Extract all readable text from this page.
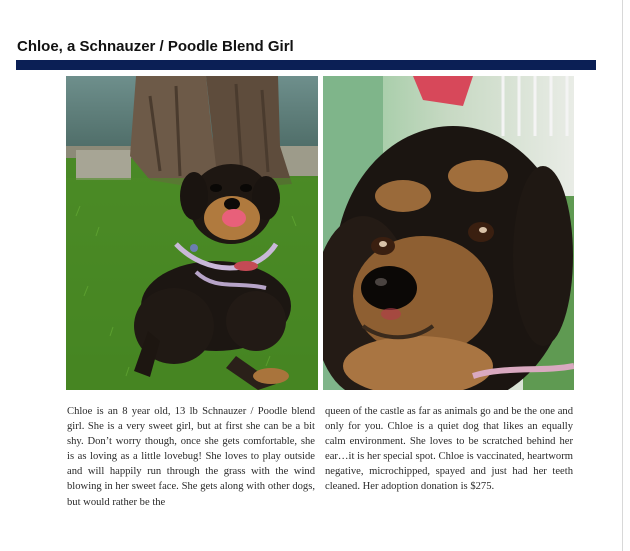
Chloe, a Schnauzer / Poodle Blend Girl

Chloe is an 8 year old, 13 lb Schnauzer / Poodle blend girl. She is a very sweet girl, but at first she can be a bit shy. Don’t worry though, once she gets comfortable, she is as loving as a little lovebug! She loves to play outside and will happily run through the grass with the wind blowing in her sweet face. She gets along with other dogs, but would rather be the

queen of the castle as far as animals go and be the one and only for you. Chloe is a quiet dog that likes an equally calm environment. She loves to be scratched behind her ear…it is her special spot. Chloe is vaccinated, heartworm negative, microchipped, spayed and just had her teeth cleaned. Her adoption donation is $275.
